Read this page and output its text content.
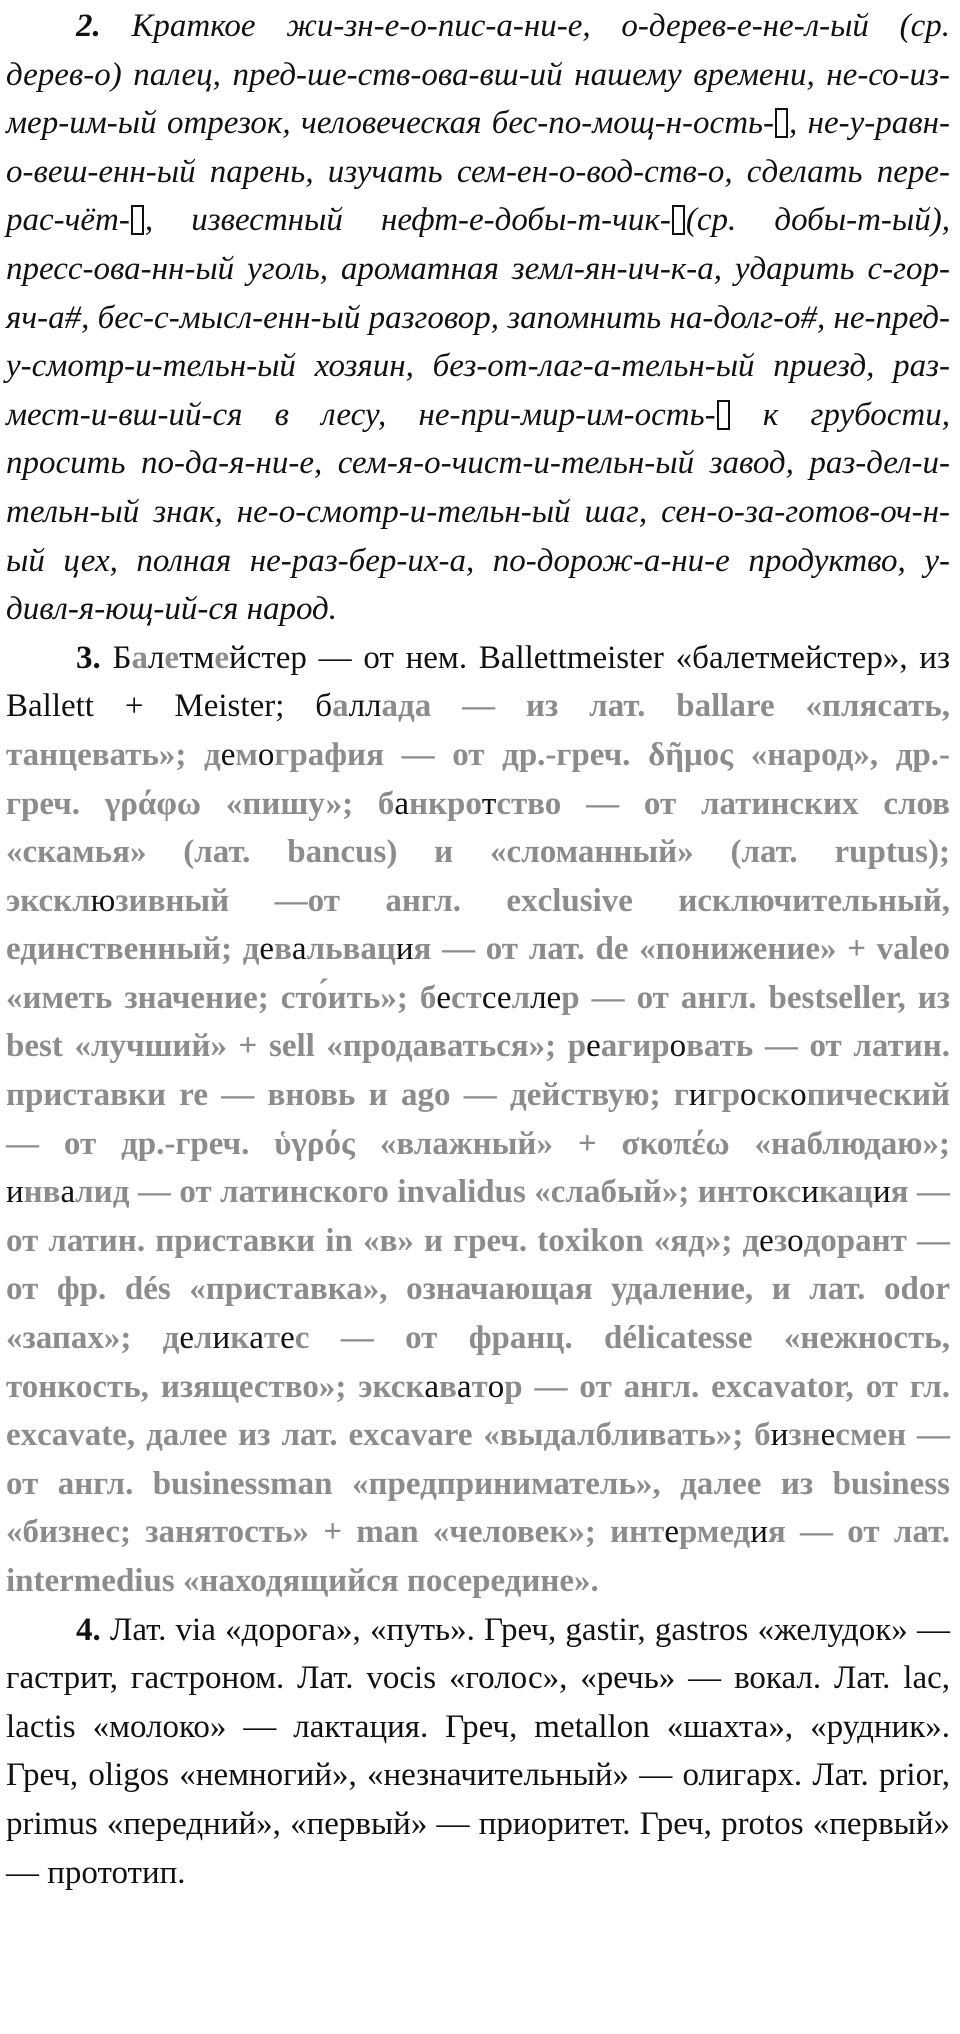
2. Краткое жи-зн-е-о-пис-а-ни-е, о-дерев-е-не-л-ый (ср. дерев-о) палец, пред-ше-ств-ова-вш-ий нашему времени, не-со-из-мер-им-ый отрезок, человеческая бес-по-мощ-н-ость- , не-у-равн-о-веш-енн-ый парень, изучать сем-ен-о-вод-ств-о, сделать пере-рас-чёт- , известный нефт-е-добы-т-чик- (ср. добы-т-ый), пресс-ова-нн-ый уголь, ароматная земл-ян-ич-к-а, ударить с-гор-яч-а#, бес-с-мысл-енн-ый разговор, запомнить на-долг-о#, не-пред-у-смотр-и-тельн-ый хозяин, без-от-лаг-а-тельн-ый приезд, раз-мест-и-вш-ий-ся в лесу, не-при-мир-им-ость- к грубости, просить по-да-я-ни-е, сем-я-о-чист-и-тельн-ый завод, раз-дел-и-тельн-ый знак, не-о-смотр-и-тельн-ый шаг, сен-о-за-готов-оч-н-ый цех, полная не-раз-бер-их-а, по-дорож-а-ни-е продуктво, у-дивл-я-ющ-ий-ся народ.

3. Балетмейстер — от нем. Ballettmeister «балетмейстер», из Ballett + Meister; баллада — из лат. ballare «плясать, танцевать»; демография — от др.-греч. δῆμος «народ», др.-греч. γράφω «пишу»; банкротство — от латинских слов «скамья» (лат. bancus) и «сломанный» (лат. ruptus); эксклюзивный —от англ. exclusive исключительный, единственный; девальвация — от лат. de «понижение» + valeo «иметь значение; сто́ить»; бестселлер — от англ. bestseller, из best «лучший» + sell «продаваться»; реагировать — от латин. приставки re — вновь и ago — действую; гигроскопический — от др.-греч. ὑγρός «влажный» + σκοπέω «наблюдаю»; инвалид — от латинского invalidus «слабый»; интоксикация — от латин. приставки in «в» и греч. toxikon «яд»; дезодорант — от фр. dés «приставка», означающая удаление, и лат. odor «запах»; деликатес — от франц. délicatesse «нежность, тонкость, изящество»; экскаватор — от англ. excavator, от гл. excavate, далее из лат. excavare «выдалбливать»; бизнесмен — от англ. businessman «предприниматель», далее из business «бизнес; занятость» + man «человек»; интермедия — от лат. intermedius «находящийся посередине».

4. Лат. via «дорога», «путь». Греч, gastir, gastros «желудок» — гастрит, гастроном. Лат. vocis «голос», «речь» — вокал. Лат. lac, lactis «молоко» — лактация. Греч, metallon «шахта», «рудник». Греч, oligos «немногий», «незначительный» — олигарх. Лат. prior, primus «передний», «первый» — приоритет. Греч, protos «первый» — прототип.
